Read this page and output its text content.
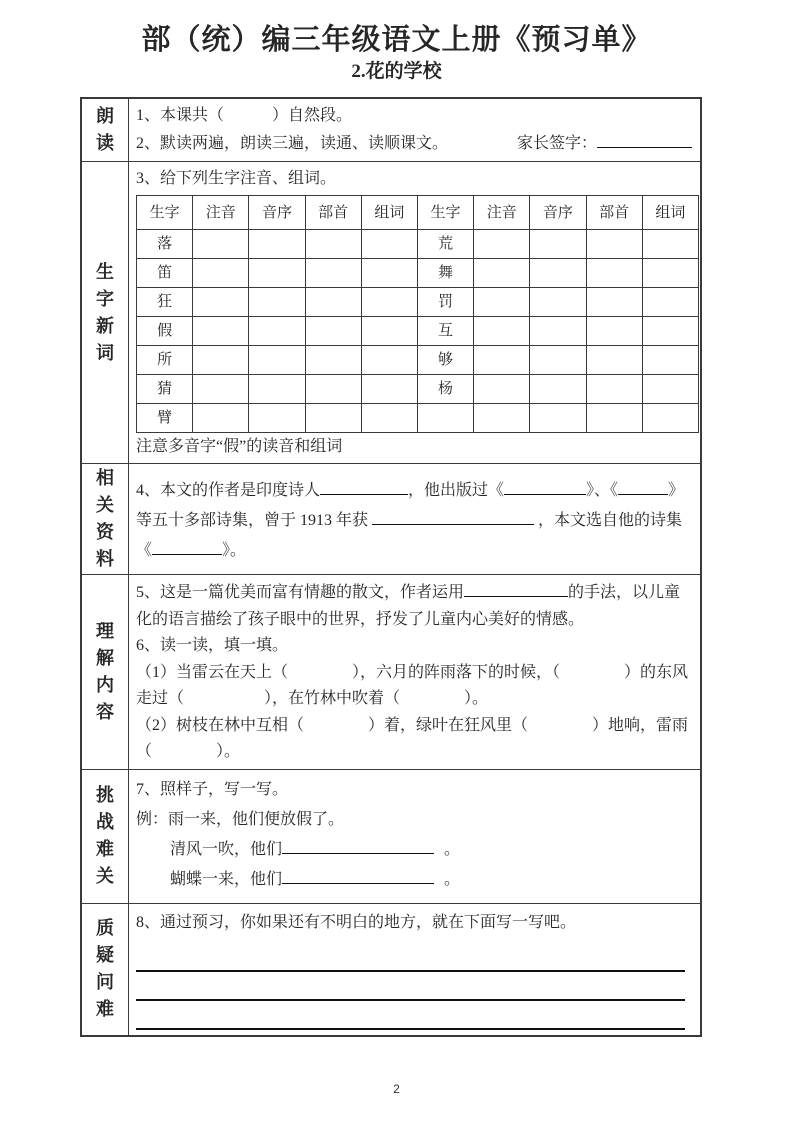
部（统）编三年级语文上册《预习单》
2.花的学校
朗读
1、本课共（　　　）自然段。
2、默读两遍，朗读三遍，读通、读顺课文。	家长签字：
生字新词
3、给下列生字注音、组词。
生字	注音	音序	部首	组词	生字	注音	音序	部首	组词
落					荒				
笛					舞				
狂					罚				
假					互				
所					够				
猜					杨				
臂									
注意多音字“假”的读音和组词
相关资料
4、本文的作者是印度诗人	，他出版过《	》、《	》
等五十多部诗集，曾于 1913 年获	，本文选自他的诗集
《	》。
理解内容
5、这是一篇优美而富有情趣的散文，作者运用	的手法，以儿童化的语言描绘了孩子眼中的世界，抒发了儿童内心美好的情感。
6、读一读，填一填。
（1）当雷云在天上（　　　　），六月的阵雨落下的时候，（　　　　）的东风走过（　　　　　），在竹林中吹着（　　　　）。
（2）树枝在林中互相（　　　　）着，绿叶在狂风里（　　　　）地响，雷雨（　　　　）。
挑战难关
7、照样子，写一写。
例：雨一来，他们便放假了。
清风一吹，他们	。
蝴蝶一来，他们	。
质疑问难
8、通过预习，你如果还有不明白的地方，就在下面写一写吧。
2
